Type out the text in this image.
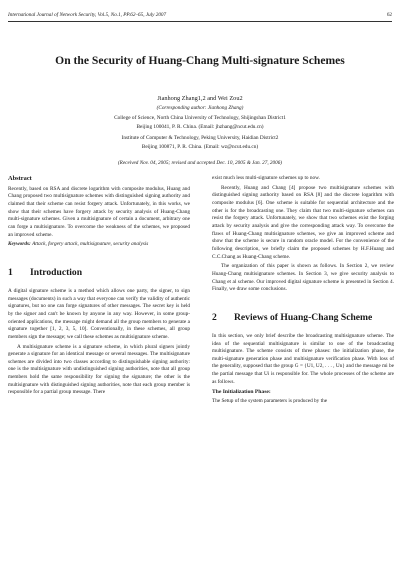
International Journal of Network Security, Vol.5, No.1, PP.62–65, July 2007	62
On the Security of Huang-Chang Multi-signature Schemes
Jianhong Zhang1,2 and Wei Zou2
(Corresponding author: Jianhong Zhang)
College of Science, North China University of Technology, Shijingshan District1
Beijing 100041, P. R. China. (Email: jhzhang@ncut.edu.cn)
Institute of Computer & Technology, Peking University, Haidian District2
Beijing 100871, P. R. China. (Email: wz@ncut.edu.cn)
(Received Nov. 04, 2005; revised and accepted Dec. 10, 2005 & Jan. 27, 2006)
Abstract

Recently, based on RSA and discrete logarithm with composite modulus, Huang and Chang proposed two multisignature schemes with distinguished signing authority and claimed that their scheme can resist forgery attack. Unfortunately, in this works, we show that their schemes have forgery attack by security analysis of Huang-Chang multi-signature schemes. Given a multisignature of certain a document, arbitrary one can forge a multisignature. To overcome the weakness of the schemes, we proposed an improved scheme.

Keywords: Attack, forgery attack, multisignature, security analysis

1	Introduction

A digital signature scheme is a method which allows one party, the signer, to sign messages (documents) in such a way that everyone can verify the validity of authentic signatures, but no one can forge signatures of other messages. The secret key is held by the signer and can't be known by anyone in any way. However, in some group-oriented applications, the message might demand all the group members to generate a signature together [1, 2, 3, 5, 10]. Conventionally, in these schemes, all group members sign the message; we call these schemes as multisignature scheme.

A multisignature scheme is a signature scheme, in which plural signers jointly generate a signature for an identical message or several messages. The multisignature schemes are divided into two classes according to distinguishable signing authority: one is the multisignature with undistinguished signing authorities, note that all group members hold the same responsibility for signing the signature; the other is the multisignature with distinguished signing authorities, note that each group member is responsible for a partial group message. There

exist much less multi-signature schemes up to now.

Recently, Huang and Chang [4] propose two multisignature schemes with distinguished signing authority based on RSA [8] and the discrete logarithm with composite modulus [6]. One scheme is suitable for sequential architecture and the other is for the broadcasting one. They claim that two multi-signature schemes can resist the forgery attack. Unfortunately, we show that two schemes exist the forging attack by security analysis and give the corresponding attack way. To overcome the flaws of Huang-Chang multisignature schemes, we give an improved scheme and show that the scheme is secure in random oracle model. For the convenience of the following description, we briefly claim the proposed schemes by H.F.Huang and C.C.Chang as Huang-Chang scheme.

The organization of this paper is shown as follows. In Section 2, we review Huang-Chang multisignature schemes. In Section 3, we give security analysis to Chang et al scheme. Our improved digital signature scheme is presented in Section 4. Finally, we draw some conclusions.

2	Reviews of Huang-Chang Scheme

In this section, we only brief describe the broadcasting multisignature scheme. The idea of the sequential multisignature is similar to one of the broadcasting multisignature. The scheme consists of three phases: the initialization phase, the multi-signature generation phase and multisignature verification phase. With loss of the generality, supposed that the group G = {U1, U2, . . . , Un} and the message mi be the partial message that Ui is responsible for. The whole processes of the scheme are as follows.

The Initialization Phase:

The Setup of the system parameters is produced by the
